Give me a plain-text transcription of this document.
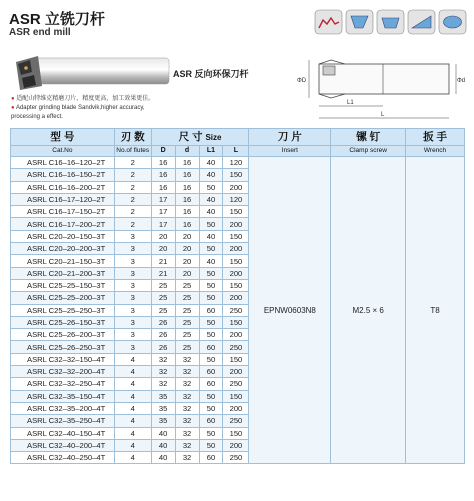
ASR 立铣刀杆
ASR end mill
ASR 反向环保刀杆
● 适配山特维克精磨刀片，精度更高，加工效果更佳。
● Adapter grinding blade Sandvik,higher accuracy,
processing a effect.
ΦD	Φd
L1
L
型 号	刃 数	尺 寸 Size				刀 片	镙 钉	扳 手
Cat.No	No.of flutes	D	d	L1	L	Insert	Clamp screw	Wrench
ASRL C16–16–120–2T	2	16	16	40	120	EPNW0603N8	M2.5 × 6	T8
ASRL C16–16–150–2T	2	16	16	40	150			
ASRL C16–16–200–2T	2	16	16	50	200			
ASRL C16–17–120–2T	2	17	16	40	120			
ASRL C16–17–150–2T	2	17	16	40	150			
ASRL C16–17–200–2T	2	17	16	50	200			
ASRL C20–20–150–3T	3	20	20	40	150			
ASRL C20–20–200–3T	3	20	20	50	200			
ASRL C20–21–150–3T	3	21	20	40	150			
ASRL C20–21–200–3T	3	21	20	50	200			
ASRL C25–25–150–3T	3	25	25	50	150			
ASRL C25–25–200–3T	3	25	25	50	200			
ASRL C25–25–250–3T	3	25	25	60	250			
ASRL C25–26–150–3T	3	26	25	50	150			
ASRL C25–26–200–3T	3	26	25	50	200			
ASRL C25–26–250–3T	3	26	25	60	250			
ASRL C32–32–150–4T	4	32	32	50	150			
ASRL C32–32–200–4T	4	32	32	60	200			
ASRL C32–32–250–4T	4	32	32	60	250			
ASRL C32–35–150–4T	4	35	32	50	150			
ASRL C32–35–200–4T	4	35	32	50	200			
ASRL C32–35–250–4T	4	35	32	60	250			
ASRL C32–40–150–4T	4	40	32	50	150			
ASRL C32–40–200–4T	4	40	32	50	200			
ASRL C32–40–250–4T	4	40	32	60	250			
